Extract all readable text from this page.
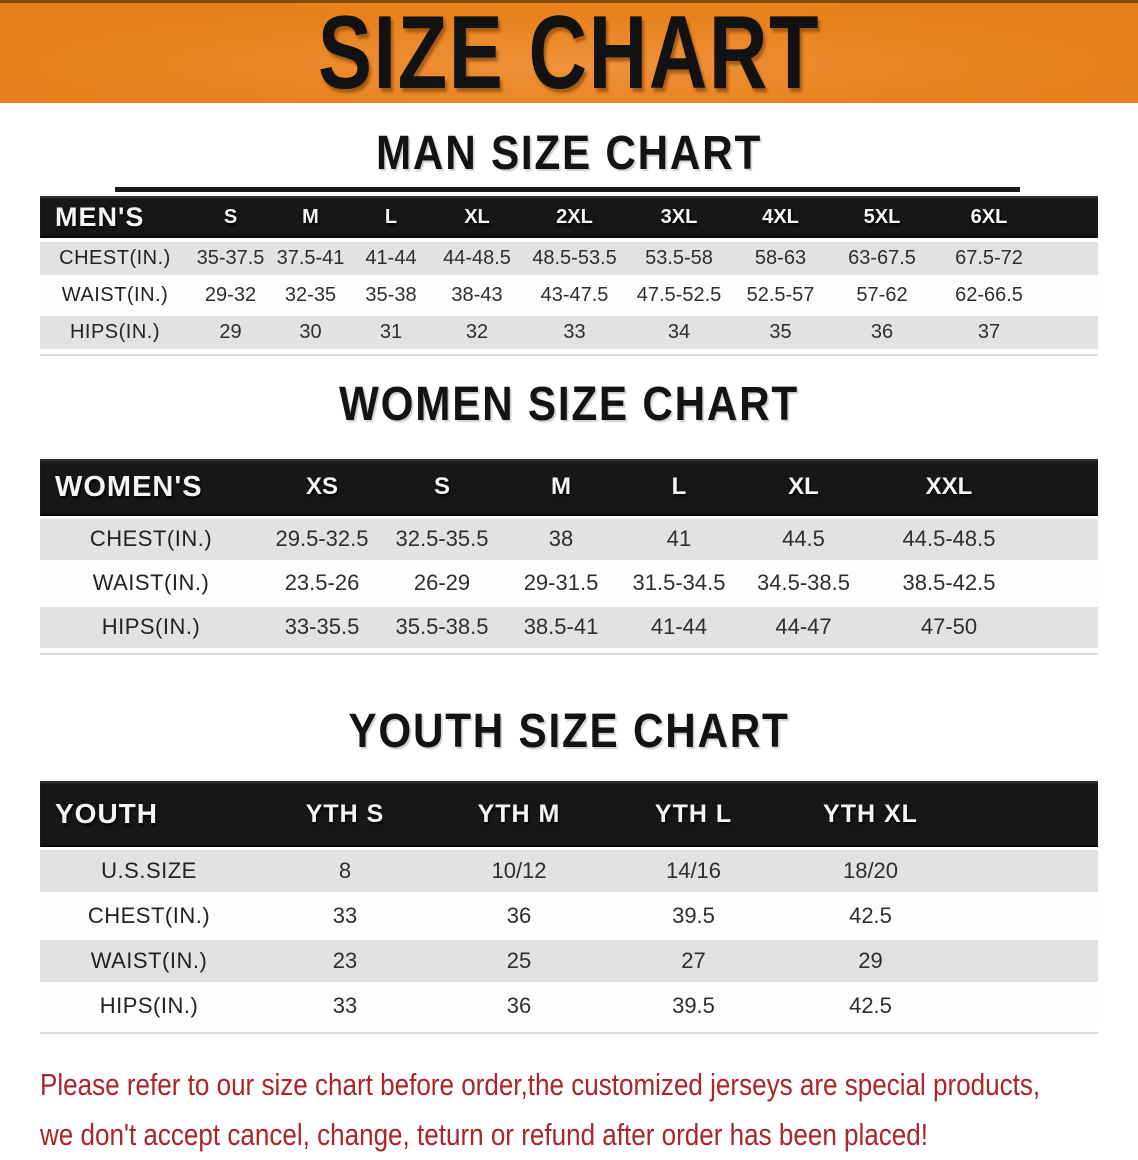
SIZE CHART
MAN SIZE CHART
MEN'S	S	M	L	XL	2XL	3XL	4XL	5XL	6XL
CHEST(IN.)	35-37.5 37.5-41	41-44	44-48.5	48.5-53.5	53.5-58	58-63	63-67.5	67.5-72
WAIST(IN.)	29-32	32-35	35-38	38-43	43-47.5	47.5-52.5	52.5-57	57-62	62-66.5
HIPS(IN.)	29	30	31	32	33	34	35	36	37
WOMEN SIZE CHART
WOMEN'S	XS	S	M	L	XL	XXL
CHEST(IN.)	29.5-32.5	32.5-35.5	38	41	44.5	44.5-48.5
WAIST(IN.)	23.5-26	26-29	29-31.5	31.5-34.5	34.5-38.5	38.5-42.5
HIPS(IN.)	33-35.5	35.5-38.5	38.5-41	41-44	44-47	47-50
YOUTH SIZE CHART
YOUTH	YTH S	YTH M	YTH L	YTH XL
U.S.SIZE	8	10/12	14/16	18/20
CHEST(IN.)	33	36	39.5	42.5
WAIST(IN.)	23	25	27	29
HIPS(IN.)	33	36	39.5	42.5

Please refer to our size chart before order,the customized jerseys are special products,

we don't accept cancel, change, teturn or refund after order has been placed!
